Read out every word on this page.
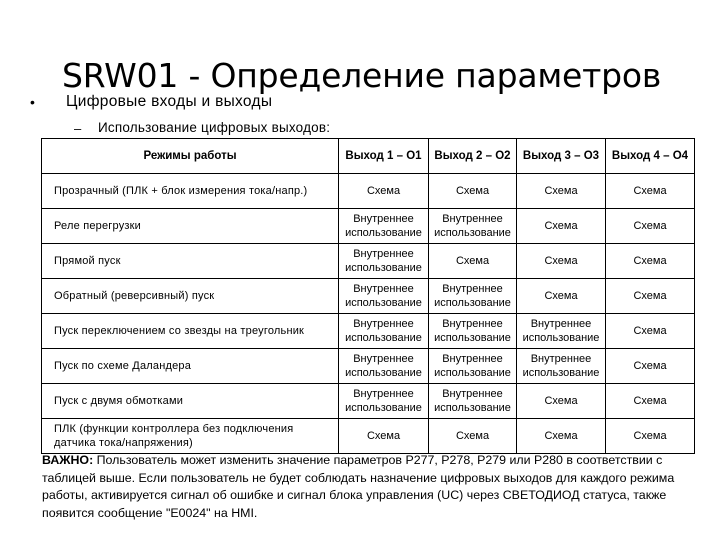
SRW01 - Определение параметров
• Цифровые входы и выходы
– Использование цифровых выходов:
Режимы работы	Выход 1 – O1	Выход 2 – O2	Выход 3 – O3	Выход 4 – O4
Прозрачный (ПЛК + блок измерения тока/напр.)	Схема	Схема	Схема	Схема
Реле перегрузки	Внутреннее использование	Внутреннее использование	Схема	Схема
Прямой пуск	Внутреннее использование	Схема	Схема	Схема
Обратный (реверсивный) пуск	Внутреннее использование	Внутреннее использование	Схема	Схема
Пуск переключением со звезды на треугольник	Внутреннее использование	Внутреннее использование	Внутреннее использование	Схема
Пуск по схеме Даландера	Внутреннее использование	Внутреннее использование	Внутреннее использование	Схема
Пуск с двумя обмотками	Внутреннее использование	Внутреннее использование	Схема	Схема
ПЛК (функции контроллера без подключения датчика тока/напряжения)	Схема	Схема	Схема	Схема
ВАЖНО: Пользователь может изменить значение параметров P277, P278, P279 или P280 в соответствии с таблицей выше. Если пользователь не будет соблюдать назначение цифровых выходов для каждого режима работы, активируется сигнал об ошибке и сигнал блока управления (UC) через СВЕТОДИОД статуса, также появится сообщение "E0024" на HMI.
